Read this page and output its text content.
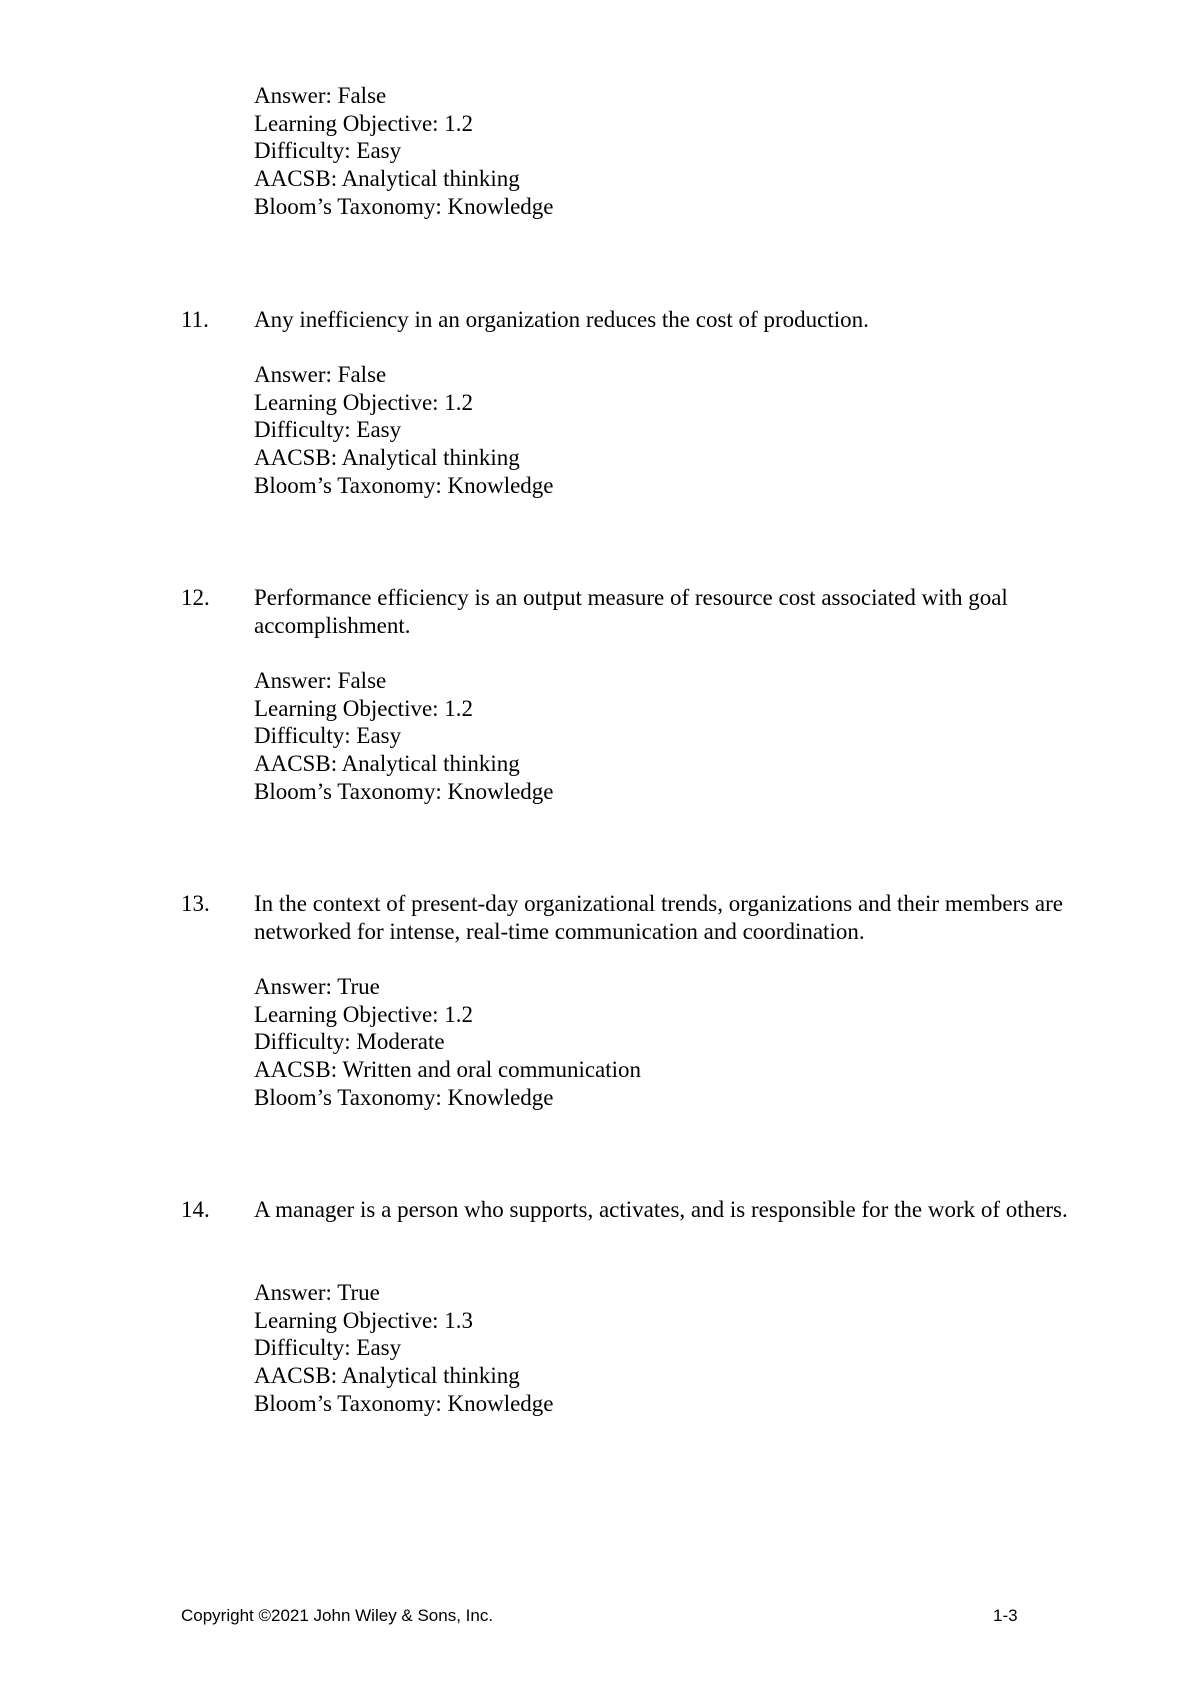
Answer: False
Learning Objective: 1.2
Difficulty: Easy
AACSB: Analytical thinking
Bloom’s Taxonomy: Knowledge
11. Any inefficiency in an organization reduces the cost of production.
Answer: False
Learning Objective: 1.2
Difficulty: Easy
AACSB: Analytical thinking
Bloom’s Taxonomy: Knowledge
12. Performance efficiency is an output measure of resource cost associated with goal accomplishment.
Answer: False
Learning Objective: 1.2
Difficulty: Easy
AACSB: Analytical thinking
Bloom’s Taxonomy: Knowledge
13. In the context of present-day organizational trends, organizations and their members are networked for intense, real-time communication and coordination.
Answer: True
Learning Objective: 1.2
Difficulty: Moderate
AACSB: Written and oral communication
Bloom’s Taxonomy: Knowledge
14. A manager is a person who supports, activates, and is responsible for the work of others.
Answer: True
Learning Objective: 1.3
Difficulty: Easy
AACSB: Analytical thinking
Bloom’s Taxonomy: Knowledge
Copyright ©2021 John Wiley & Sons, Inc.	1-3
